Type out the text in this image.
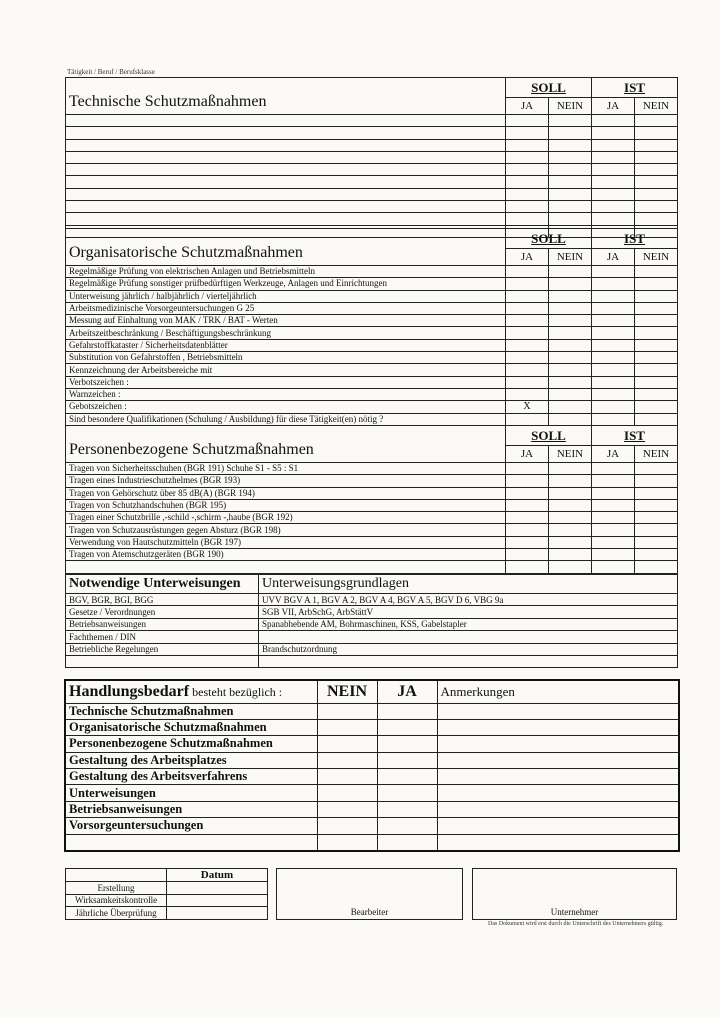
Tätigkeit / Beruf / Berufsklasse
Technische Schutzmaßnahmen	SOLL		IST	
	JA	NEIN	JA	NEIN

Organisatorische Schutzmaßnahmen	SOLL		IST	
	JA	NEIN	JA	NEIN
Regelmäßige Prüfung von elektrischen Anlagen und Betriebsmitteln				
Regelmäßige Prüfung sonstiger prüfbedürftigen Werkzeuge, Anlagen und Einrichtungen				
Unterweisung jährlich / halbjährlich / vierteljährlich				
Arbeitsmedizinische Vorsorgeuntersuchungen G 25				
Messung auf Einhaltung von MAK / TRK / BAT - Werten				
Arbeitszeitbeschränkung / Beschäftigungsbeschränkung				
Gefahrstoffkataster / Sicherheitsdatenblätter				
Substitution von Gefahrstoffen , Betriebsmitteln				
Kennzeichnung der Arbeitsbereiche mit				
Verbotszeichen :				
Warnzeichen :				
Gebotszeichen :	X			
Sind besondere Qualifikationen (Schulung / Ausbildung) für diese Tätigkeit(en) nötig ?				
Personenbezogene Schutzmaßnahmen	SOLL		IST	
	JA	NEIN	JA	NEIN
Tragen von Sicherheitsschuhen (BGR 191) Schuhe S1 - S5 : S1				
Tragen eines Industrieschutzhelmes (BGR 193)				
Tragen von Gehörschutz über 85 dB(A) (BGR 194)				
Tragen von Schutzhandschuhen (BGR 195)				
Tragen einer Schutzbrille ,-schild -,schirm -,haube (BGR 192)				
Tragen von Schutzausrüstungen gegen Absturz (BGR 198)				
Verwendung von Hautschutzmitteln (BGR 197)				
Tragen von Atemschutzgeräten (BGR 190)				

Notwendige Unterweisungen	Unterweisungsgrundlagen
BGV, BGR, BGI, BGG	UVV BGV A 1, BGV A 2, BGV A 4, BGV A 5, BGV D 6, VBG 9a
Gesetze / Verordnungen	SGB VII, ArbSchG, ArbStättV
Betriebsanweisungen	Spanabhebende AM, Bohrmaschinen, KSS, Gabelstapler
Fachthemen / DIN	
Betriebliche Regelungen	Brandschutzordnung

Handlungsbedarf besteht bezüglich :	NEIN	JA	Anmerkungen
Technische Schutzmaßnahmen			
Organisatorische Schutzmaßnahmen			
Personenbezogene Schutzmaßnahmen			
Gestaltung des Arbeitsplatzes			
Gestaltung des Arbeitsverfahrens			
Unterweisungen			
Betriebsanweisungen			
Vorsorgeuntersuchungen			

	Datum
Erstellung	
Wirksamkeitskontrolle	
Jährliche Überprüfung		Bearbeiter	Unternehmer
Das Dokument wird erst durch die Unterschrift des Unternehmers gültig.
